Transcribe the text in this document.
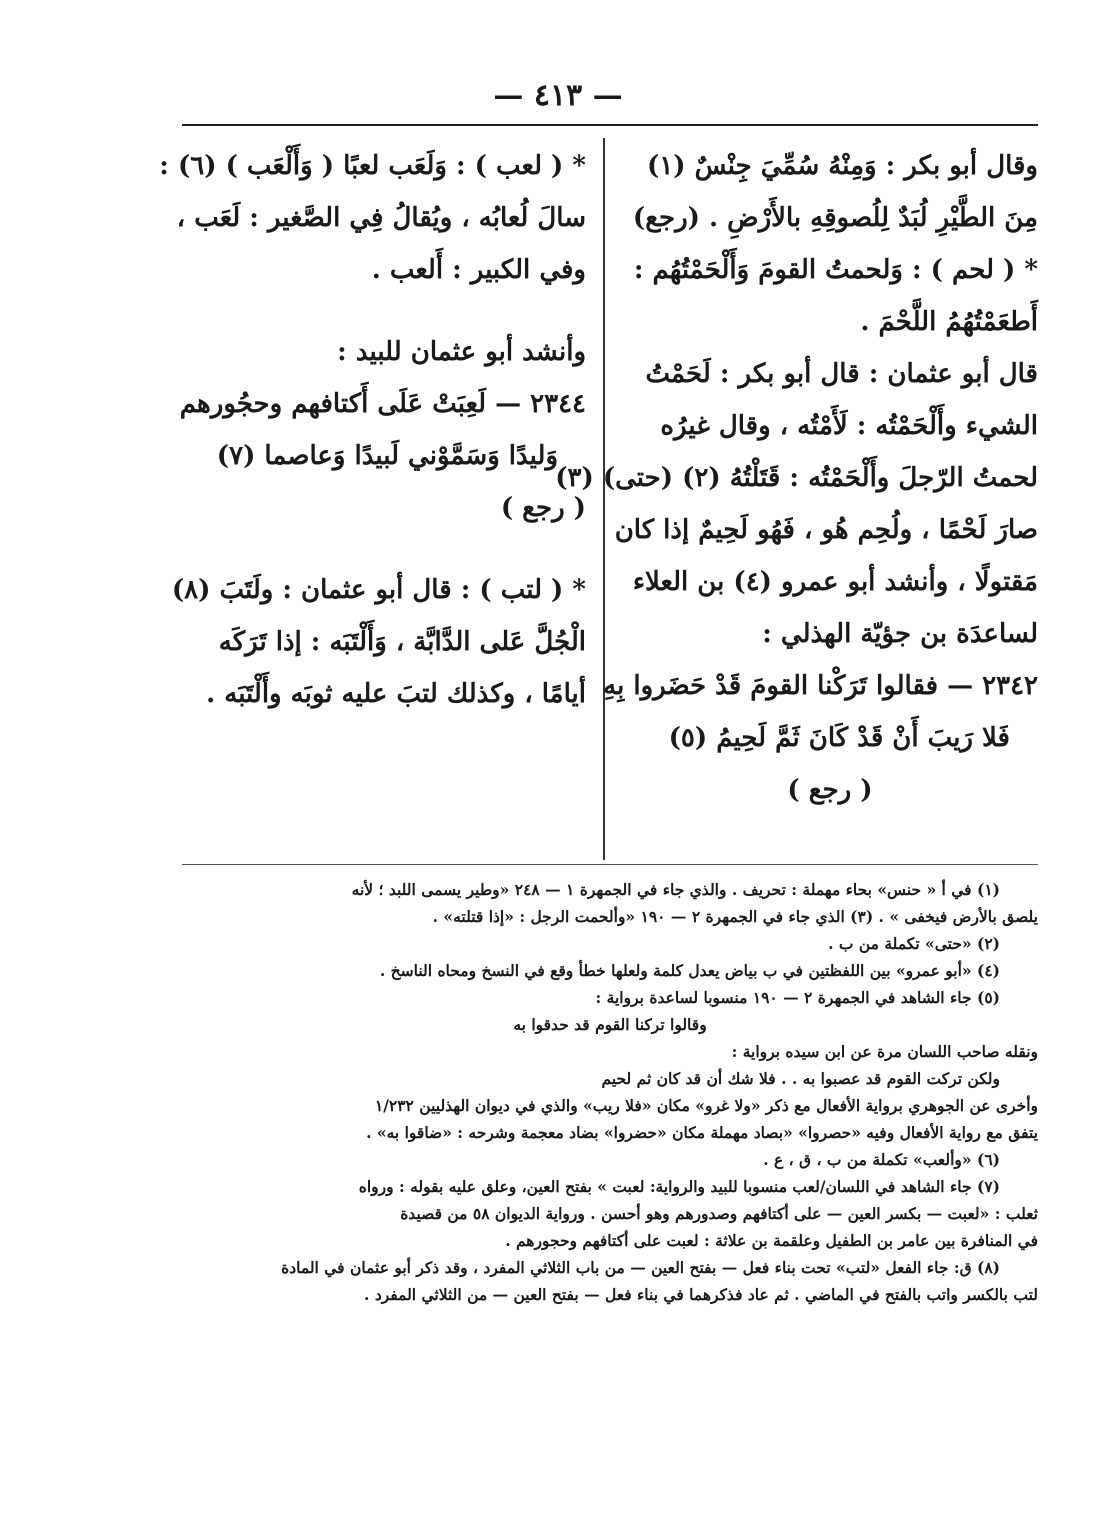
— ٤١٣ —
وقال أبو بكر : وَمِنْهُ سُمِّيَ جِنْسٌ (١)
مِنَ الطَّيْرِ لُبَدٌ لِلُصوقِهِ بالأَرْضِ . (رجع)
* ( لحم ) : وَلحمتُ القومَ وَأَلْحَمْتُهُم :
أَطعَمْتُهُمُ اللَّحْمَ .
قال أبو عثمان : قال أبو بكر : لَحَمْتُ
الشيء وأَلْحَمْتُه : لَأَمْتُه ، وقال غيرُه
لحمتُ الرّجلَ وأَلْحَمْتُه : قَتَلْتُهُ (٢) (حتى) (٣)
صارَ لَحْمًا ، ولُحِم هُو ، فَهُو لَحِيمٌ إذا كان
مَقتولًا ، وأنشد أبو عمرو (٤) بن العلاء
لساعدَة بن جؤيّة الهذلي :
٢٣٤٢ — فقالوا تَرَكْنا القومَ قَدْ حَضَروا بِهِ
فَلا رَيبَ أَنْ قَدْ كَانَ ثَمَّ لَحِيمُ (٥)
( رجع )
* ( لعب ) : وَلَعَب لعبًا ( وَأَلْعَب ) (٦) :
سالَ لُعابُه ، ويُقالُ فِي الصَّغير : لَعَب ،
وفي الكبير : أَلعب .
وأنشد أبو عثمان للبيد :
٢٣٤٤ — لَعِبَتْ عَلَى أَكتافهم وحجُورهم
وَليدًا وَسَمَّوْني لَبيدًا وَعاصما (٧)
( رجع )
* ( لتب ) : قال أبو عثمان : ولَتَبَ (٨)
الْجُلَّ عَلى الدَّابَّة ، وَأَلْتَبَه : إذا تَرَكَه
أيامًا ، وكذلك لتبَ عليه ثوبَه وأَلْتَبَه .
(١) في أ « حنس» بحاء مهملة : تحريف . والذي جاء في الجمهرة ١ — ٢٤٨ «وطير يسمى اللبد ؛ لأنه
يلصق بالأرض فيخفى » . (٣) الذي جاء في الجمهرة ٢ — ١٩٠ «وألحمت الرجل : «إذا قتلته» .
(٢) «حتى» تكملة من ب .
(٤) «أبو عمرو» بين اللفظتين في ب بياض يعدل كلمة ولعلها خطأ وقع في النسخ ومحاه الناسخ .
(٥) جاء الشاهد في الجمهرة ٢ — ١٩٠ منسوبا لساعدة برواية :
وقالوا تركنا القوم قد حدقوا به
ونقله صاحب اللسان مرة عن ابن سيده برواية :
ولكن تركت القوم قد عصبوا به . . فلا شك أن قد كان ثم لحيم
وأخرى عن الجوهري برواية الأفعال مع ذكر «ولا غرو» مكان «فلا ريب» والذي في ديوان الهذليين ١/٢٣٢
يتفق مع رواية الأفعال وفيه «حصروا» «بصاد مهملة مكان «حضروا» بضاد معجمة وشرحه : «ضاقوا به» .
(٦) «وألعب» تكملة من ب ، ق ، ع .
(٧) جاء الشاهد في اللسان/لعب منسوبا للبيد والرواية: لعبت » بفتح العين، وعلق عليه بقوله : ورواه
ثعلب : «لعبت — بكسر العين — على أكتافهم وصدورهم وهو أحسن . ورواية الديوان ٥٨ من قصيدة
في المنافرة بين عامر بن الطفيل وعلقمة بن علاثة : لعبت على أكتافهم وحجورهم .
(٨) ق: جاء الفعل «لتب» تحت بناء فعل — بفتح العين — من باب الثلاثي المفرد ، وقد ذكر أبو عثمان في المادة
لتب بالكسر واتب بالفتح في الماضي . ثم عاد فذكرهما في بناء فعل — بفتح العين — من الثلاثي المفرد .
